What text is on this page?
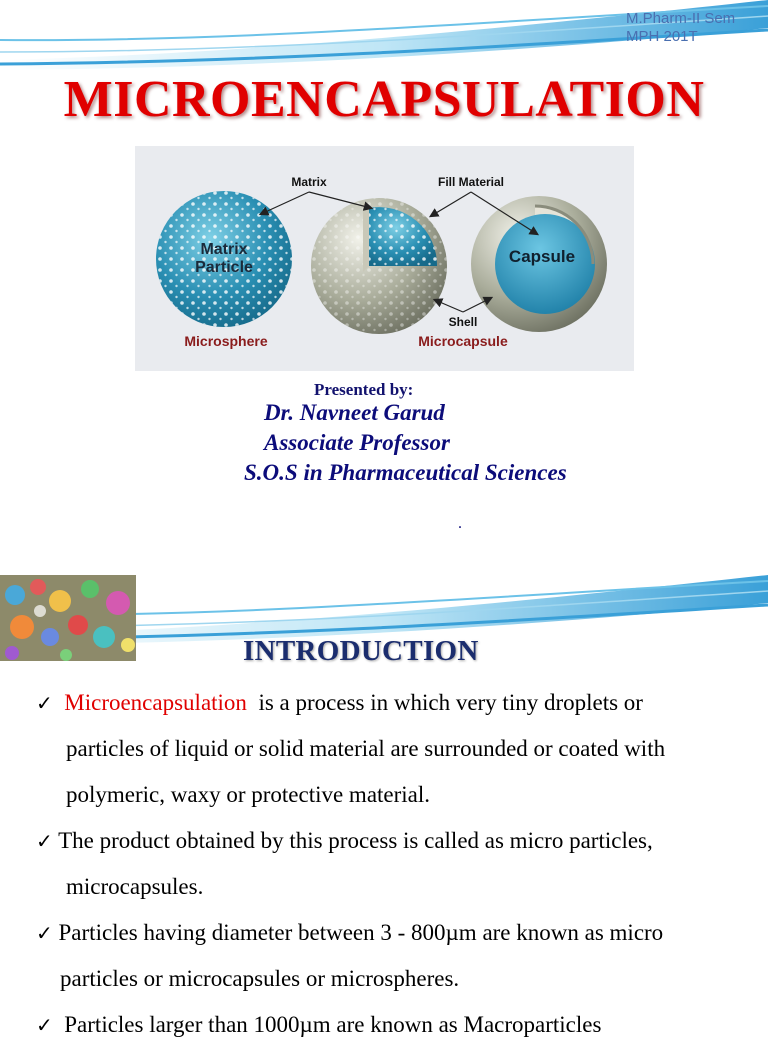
M.Pharm-II Sem
MPH 201T
MICROENCAPSULATION
Matrix
Particle
Capsule
Matrix	Fill Material
Shell
Microsphere	Microcapsule
Presented by:
Dr. Navneet Garud
Associate Professor
S.O.S in Pharmaceutical Sciences
.
INTRODUCTION
✓ Microencapsulation is a process in which very tiny droplets or
particles of liquid or solid material are surrounded or coated with
polymeric, waxy or protective material.
✓ The product obtained by this process is called as micro particles,
microcapsules.
✓ Particles having diameter between 3 - 800µm are known as micro
particles or microcapsules or microspheres.
✓ Particles larger than 1000µm are known as Macroparticles
